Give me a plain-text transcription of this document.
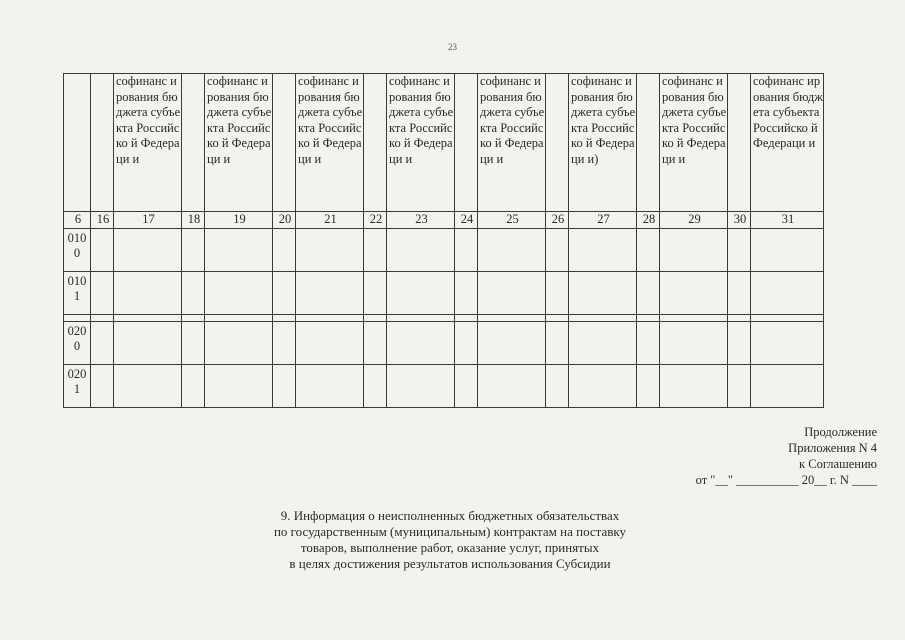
23
		софинанс ирования бюджета субъекта Российско й Федераци и		софинанс ирования бюджета субъекта Российско й Федераци и		софинанс ирования бюджета субъекта Российско й Федераци и		софинанс ирования бюджета субъекта Российско й Федераци и		софинанс ирования бюджета субъекта Российско й Федераци и		софинанс ирования бюджета субъекта Российско й Федераци и)		софинанс ирования бюджета субъекта Российско й Федераци и		софинанс ирования бюджета субъекта Российско й Федераци и
6	16	17	18	19	20	21	22	23	24	25	26	27	28	29	30	31
010 0																
010 1																

020 0																
020 1																
Продолжение
Приложения N 4
к Соглашению
от "__" __________ 20__ г. N ____
9. Информация о неисполненных бюджетных обязательствах
по государственным (муниципальным) контрактам на поставку
товаров, выполнение работ, оказание услуг, принятых
в целях достижения результатов использования Субсидии
